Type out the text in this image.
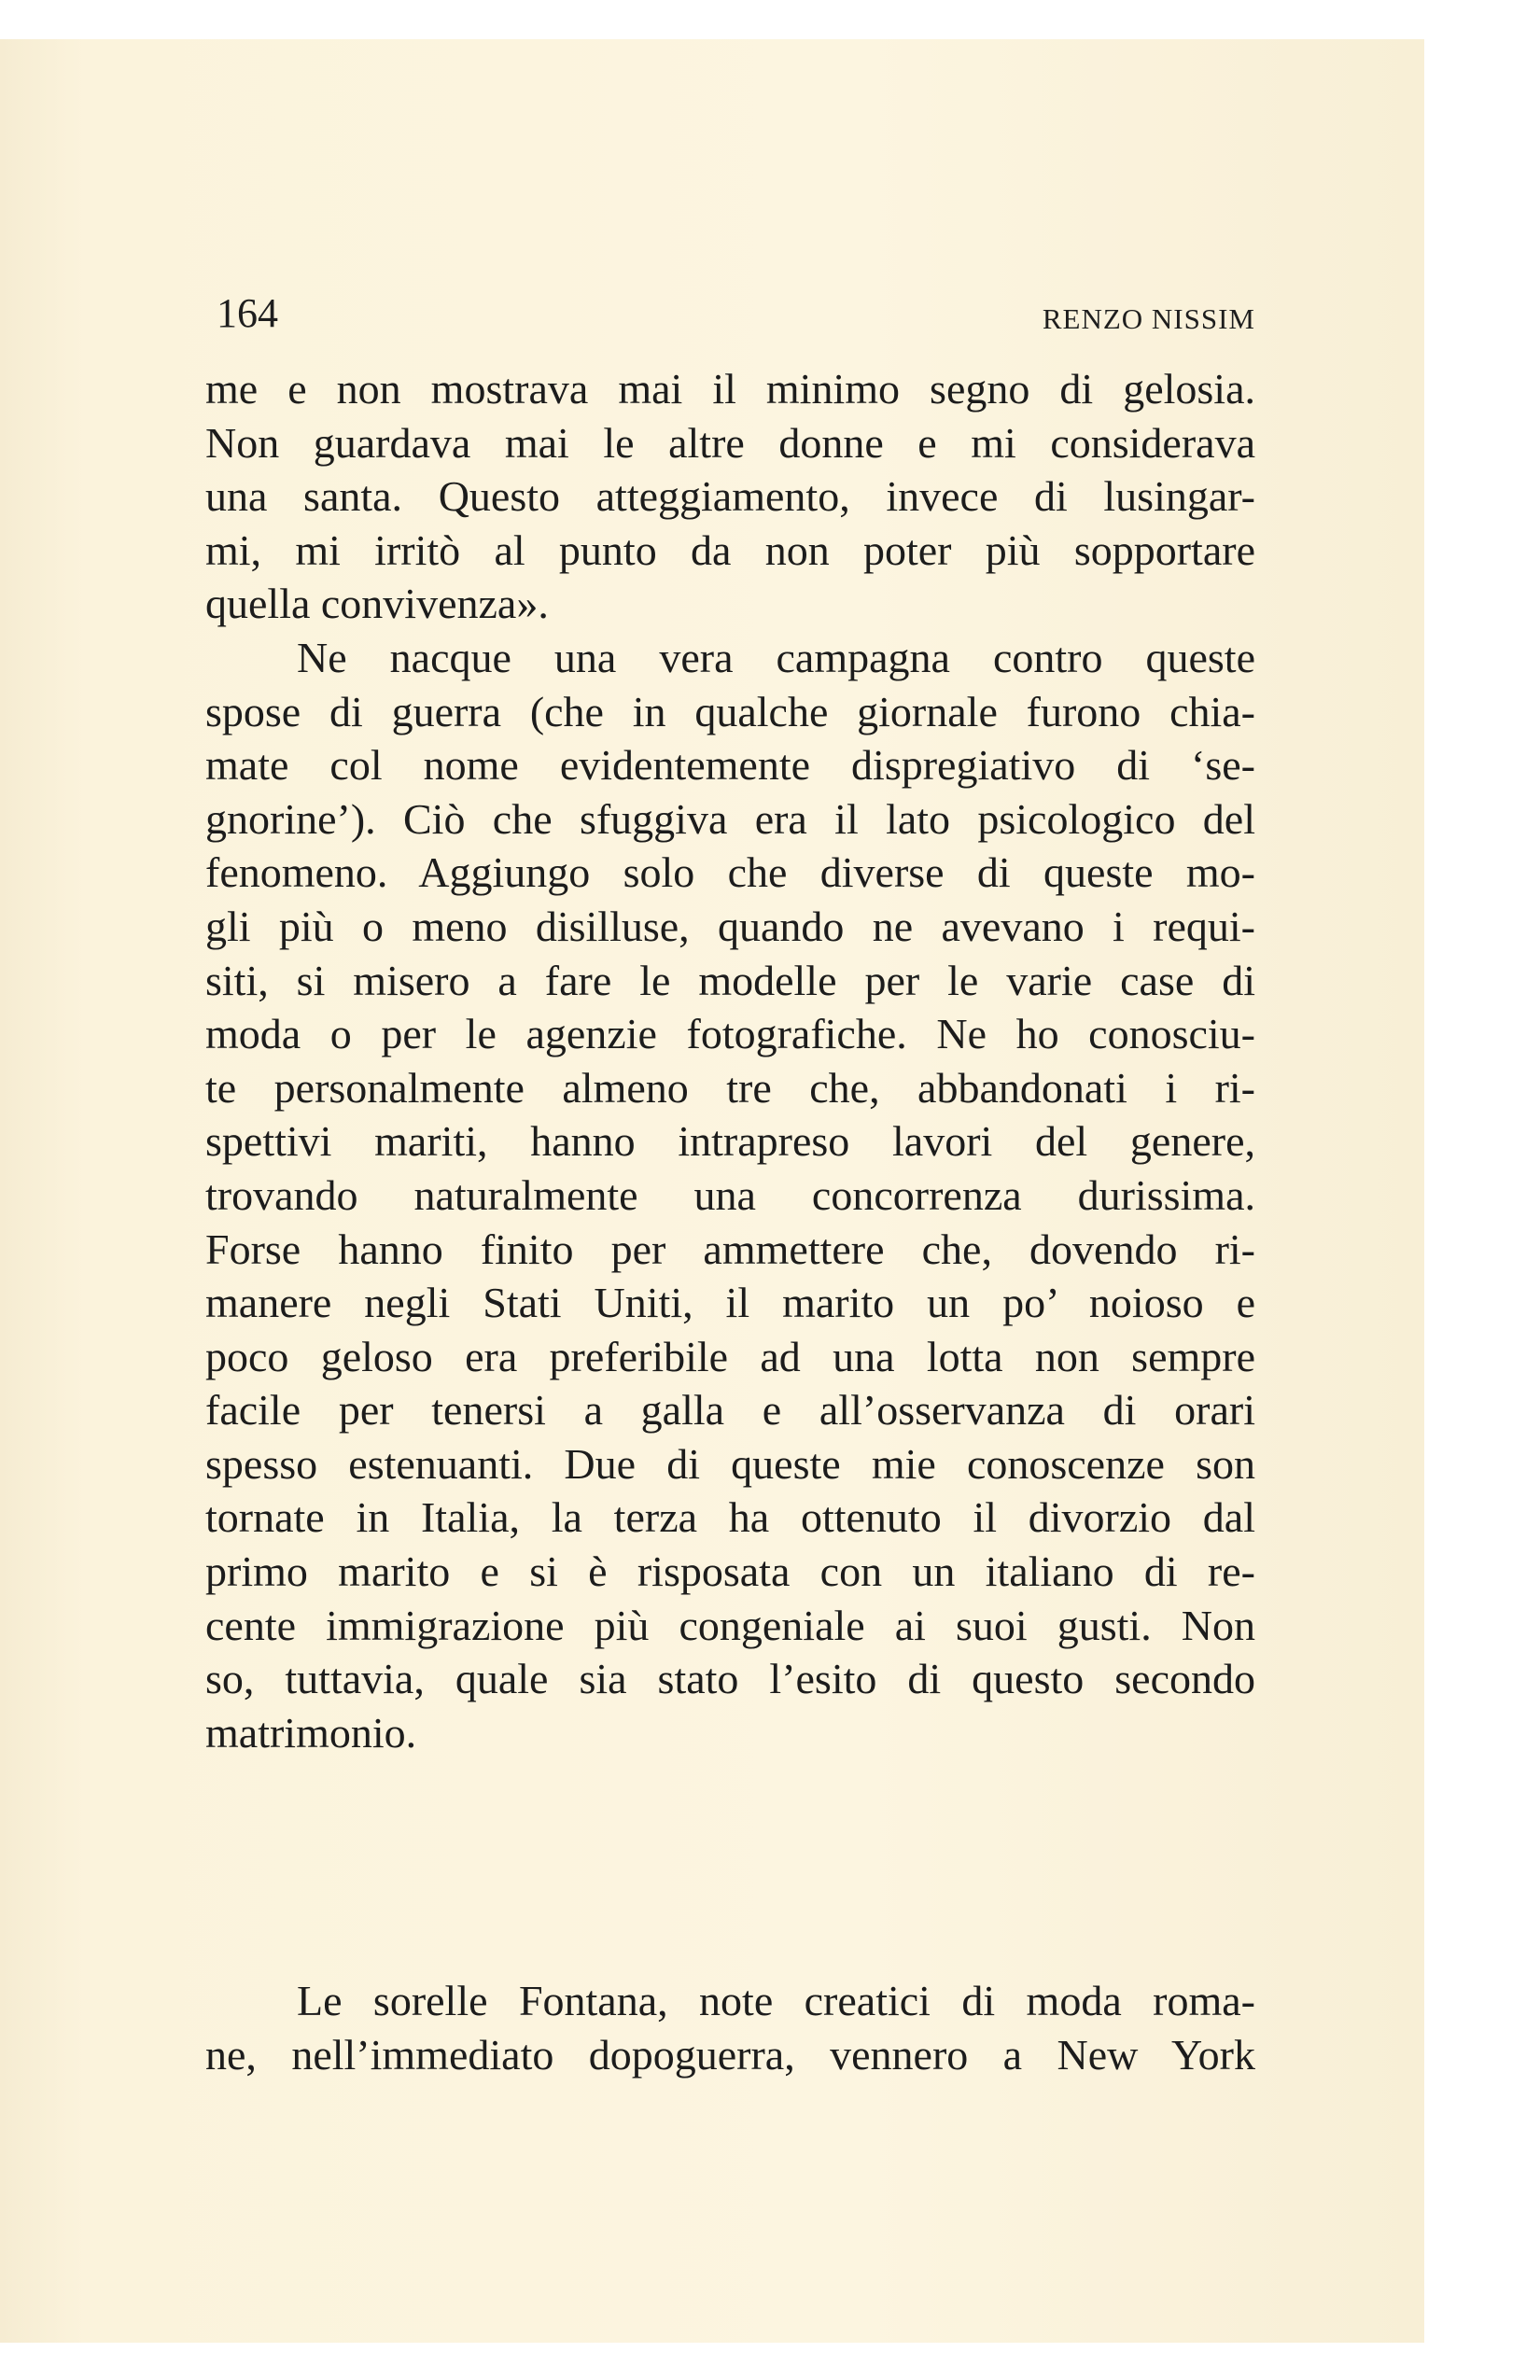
164	RENZO NISSIM
me e non mostrava mai il minimo segno di gelosia.
Non guardava mai le altre donne e mi considerava
una santa. Questo atteggiamento, invece di lusingar-
mi, mi irritò al punto da non poter più sopportare
quella convivenza».
Ne nacque una vera campagna contro queste
spose di guerra (che in qualche giornale furono chia-
mate col nome evidentemente dispregiativo di ‘se-
gnorine’). Ciò che sfuggiva era il lato psicologico del
fenomeno. Aggiungo solo che diverse di queste mo-
gli più o meno disilluse, quando ne avevano i requi-
siti, si misero a fare le modelle per le varie case di
moda o per le agenzie fotografiche. Ne ho conosciu-
te personalmente almeno tre che, abbandonati i ri-
spettivi mariti, hanno intrapreso lavori del genere,
trovando naturalmente una concorrenza durissima.
Forse hanno finito per ammettere che, dovendo ri-
manere negli Stati Uniti, il marito un po’ noioso e
poco geloso era preferibile ad una lotta non sempre
facile per tenersi a galla e all’osservanza di orari
spesso estenuanti. Due di queste mie conoscenze son
tornate in Italia, la terza ha ottenuto il divorzio dal
primo marito e si è risposata con un italiano di re-
cente immigrazione più congeniale ai suoi gusti. Non
so, tuttavia, quale sia stato l’esito di questo secondo
matrimonio.
Le sorelle Fontana, note creatici di moda roma-
ne, nell’immediato dopoguerra, vennero a New York
